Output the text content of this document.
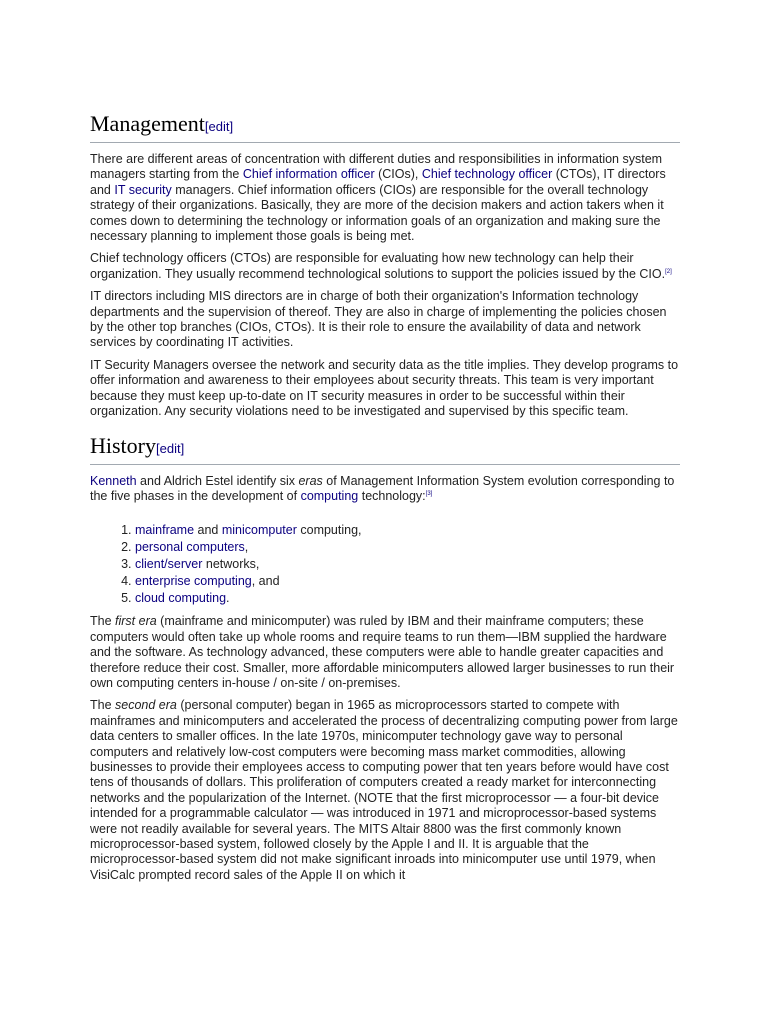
Management[edit]

There are different areas of concentration with different duties and responsibilities in information system managers starting from the Chief information officer (CIOs), Chief technology officer (CTOs), IT directors and IT security managers. Chief information officers (CIOs) are responsible for the overall technology strategy of their organizations. Basically, they are more of the decision makers and action takers when it comes down to determining the technology or information goals of an organization and making sure the necessary planning to implement those goals is being met.

Chief technology officers (CTOs) are responsible for evaluating how new technology can help their organization. They usually recommend technological solutions to support the policies issued by the CIO.[2]

IT directors including MIS directors are in charge of both their organization's Information technology departments and the supervision of thereof. They are also in charge of implementing the policies chosen by the other top branches (CIOs, CTOs). It is their role to ensure the availability of data and network services by coordinating IT activities.

IT Security Managers oversee the network and security data as the title implies. They develop programs to offer information and awareness to their employees about security threats. This team is very important because they must keep up-to-date on IT security measures in order to be successful within their organization. Any security violations need to be investigated and supervised by this specific team.

History[edit]

Kenneth and Aldrich Estel identify six eras of Management Information System evolution corresponding to the five phases in the development of computing technology:[3]

1. mainframe and minicomputer computing,
2. personal computers,
3. client/server networks,
4. enterprise computing, and
5. cloud computing.

The first era (mainframe and minicomputer) was ruled by IBM and their mainframe computers; these computers would often take up whole rooms and require teams to run them—IBM supplied the hardware and the software. As technology advanced, these computers were able to handle greater capacities and therefore reduce their cost. Smaller, more affordable minicomputers allowed larger businesses to run their own computing centers in-house / on-site / on-premises.

The second era (personal computer) began in 1965 as microprocessors started to compete with mainframes and minicomputers and accelerated the process of decentralizing computing power from large data centers to smaller offices. In the late 1970s, minicomputer technology gave way to personal computers and relatively low-cost computers were becoming mass market commodities, allowing businesses to provide their employees access to computing power that ten years before would have cost tens of thousands of dollars. This proliferation of computers created a ready market for interconnecting networks and the popularization of the Internet. (NOTE that the first microprocessor — a four-bit device intended for a programmable calculator — was introduced in 1971 and microprocessor-based systems were not readily available for several years. The MITS Altair 8800 was the first commonly known microprocessor-based system, followed closely by the Apple I and II. It is arguable that the microprocessor-based system did not make significant inroads into minicomputer use until 1979, when VisiCalc prompted record sales of the Apple II on which it
